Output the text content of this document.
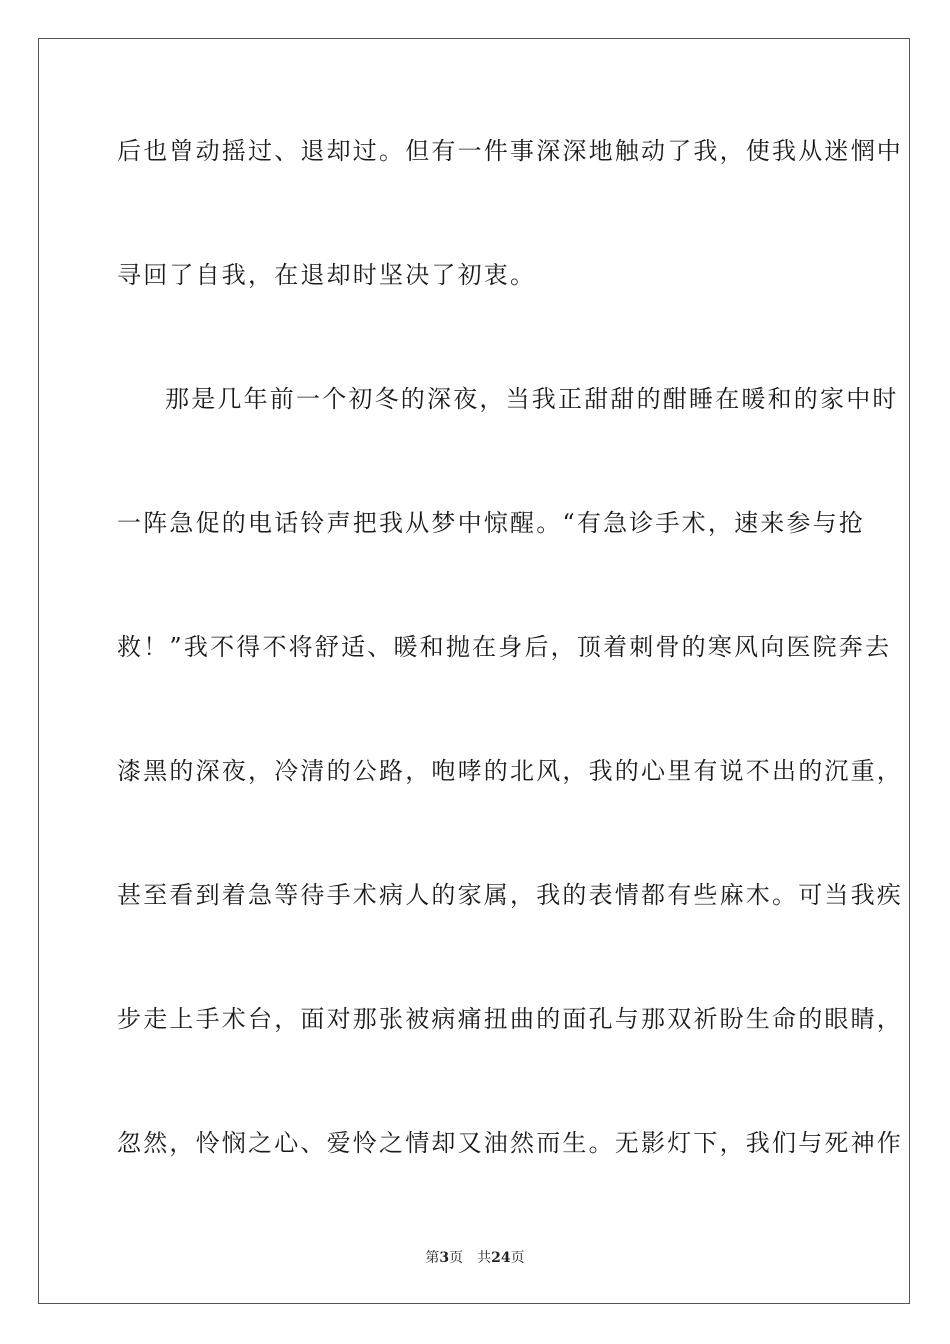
后也曾动摇过、退却过。但有一件事深深地触动了我，使我从迷惘中
寻回了自我，在退却时坚决了初衷。
那是几年前一个初冬的深夜，当我正甜甜的酣睡在暖和的家中时
一阵急促的电话铃声把我从梦中惊醒。“有急诊手术，速来参与抢
救！”我不得不将舒适、暖和抛在身后，顶着刺骨的寒风向医院奔去
漆黑的深夜，冷清的公路，咆哮的北风，我的心里有说不出的沉重，
甚至看到着急等待手术病人的家属，我的表情都有些麻木。可当我疾
步走上手术台，面对那张被病痛扭曲的面孔与那双祈盼生命的眼睛，
忽然，怜悯之心、爱怜之情却又油然而生。无影灯下，我们与死神作
第3页 共24页
